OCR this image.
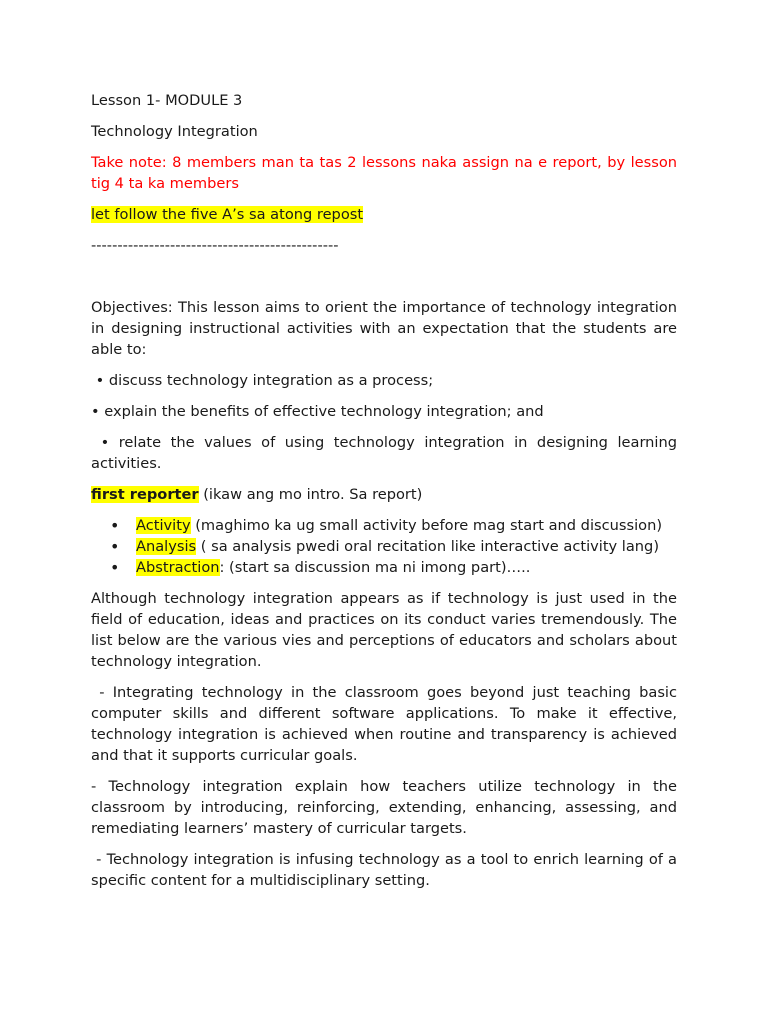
Lesson 1- MODULE 3

Technology Integration

Take note: 8 members man ta tas 2 lessons naka assign na e report, by lesson tig 4 ta ka members

let follow the five A’s sa atong repost

-----------------------------------------------

Objectives: This lesson aims to orient the importance of technology integration in designing instructional activities with an expectation that the students are able to:

• discuss technology integration as a process;

• explain the benefits of effective technology integration; and

• relate the values of using technology integration in designing learning activities.

first reporter (ikaw ang mo intro. Sa report)

• Activity (maghimo ka ug small activity before mag start and discussion)
• Analysis ( sa analysis pwedi oral recitation like interactive activity lang)
• Abstraction: (start sa discussion ma ni imong part)…..

Although technology integration appears as if technology is just used in the field of education, ideas and practices on its conduct varies tremendously. The list below are the various vies and perceptions of educators and scholars about technology integration.

- Integrating technology in the classroom goes beyond just teaching basic computer skills and different software applications. To make it effective, technology integration is achieved when routine and transparency is achieved and that it supports curricular goals.

- Technology integration explain how teachers utilize technology in the classroom by introducing, reinforcing, extending, enhancing, assessing, and remediating learners’ mastery of curricular targets.

- Technology integration is infusing technology as a tool to enrich learning of a specific content for a multidisciplinary setting.
